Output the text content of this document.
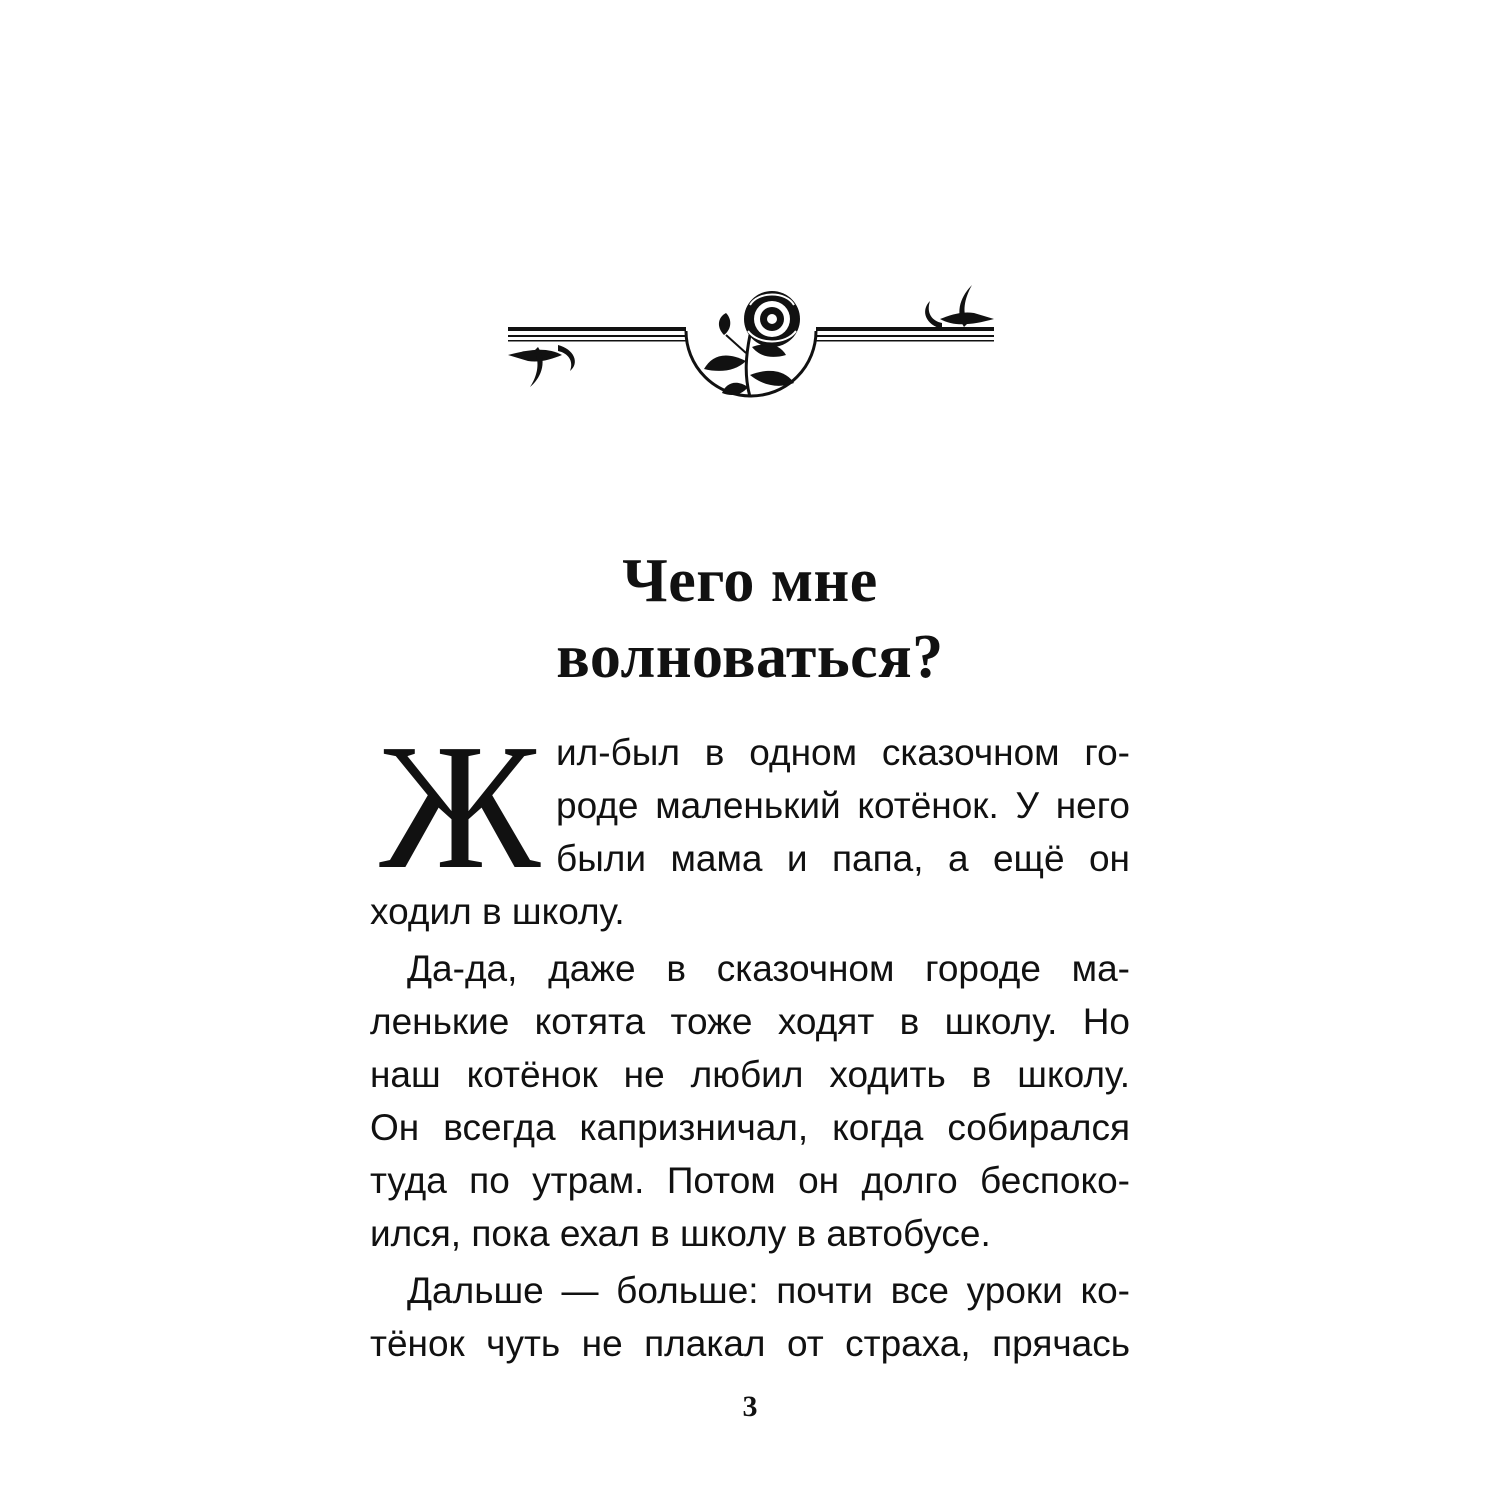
Чего мне
волноваться?
Ж ил-был в одном сказочном го-
роде маленький котёнок. У него
были мама и папа, а ещё он
ходил в школу.
Да-да, даже в сказочном городе ма-
ленькие котята тоже ходят в школу. Но
наш котёнок не любил ходить в школу.
Он всегда капризничал, когда собирался
туда по утрам. Потом он долго беспоко-
ился, пока ехал в школу в автобусе.
Дальше — больше: почти все уроки ко-
тёнок чуть не плакал от страха, прячась
3
